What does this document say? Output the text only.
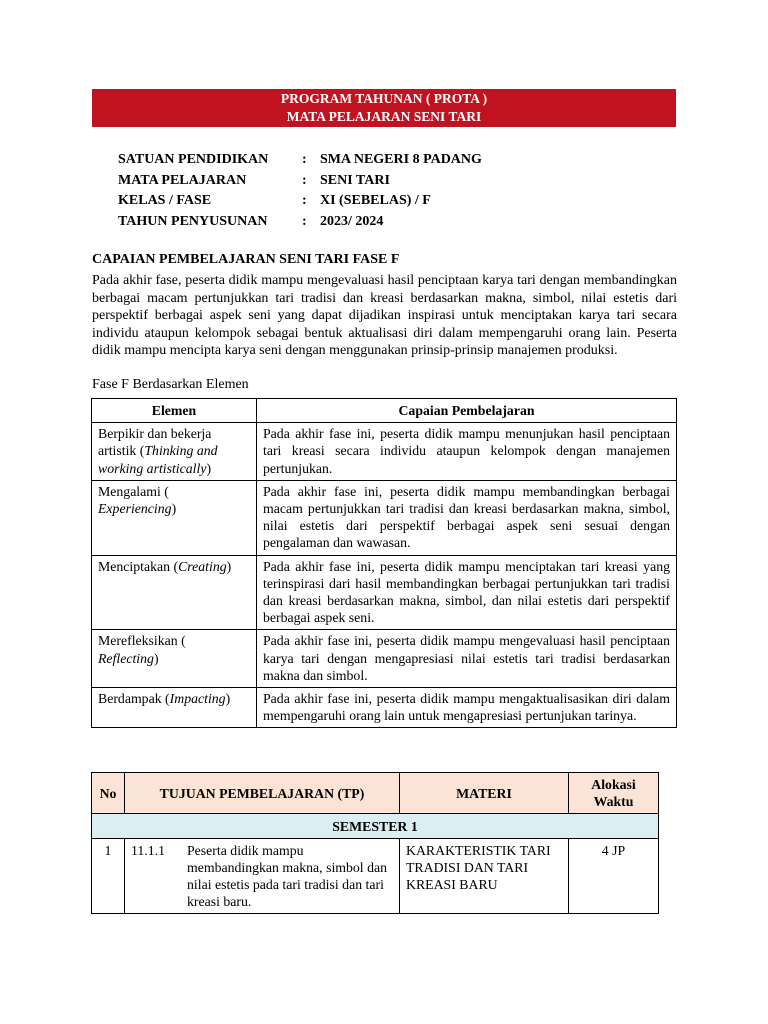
PROGRAM TAHUNAN ( PROTA )
MATA PELAJARAN SENI TARI
SATUAN PENDIDIKAN : SMA NEGERI 8 PADANG
MATA PELAJARAN	: SENI TARI
KELAS / FASE	: XI (SEBELAS) / F
TAHUN PENYUSUNAN : 2023/ 2024
CAPAIAN PEMBELAJARAN SENI TARI FASE F

Pada akhir fase, peserta didik mampu mengevaluasi hasil penciptaan karya tari dengan membandingkan berbagai macam pertunjukkan tari tradisi dan kreasi berdasarkan makna, simbol, nilai estetis dari perspektif berbagai aspek seni yang dapat dijadikan inspirasi untuk menciptakan karya tari secara individu ataupun kelompok sebagai bentuk aktualisasi diri dalam mempengaruhi orang lain. Peserta didik mampu mencipta karya seni dengan menggunakan prinsip-prinsip manajemen produksi.

Fase F Berdasarkan Elemen
Elemen	Capaian Pembelajaran
Berpikir dan bekerja artistik (Thinking and working artistically)	Pada akhir fase ini, peserta didik mampu menunjukan hasil penciptaan tari kreasi secara individu ataupun kelompok dengan manajemen pertunjukan.
Mengalami (
Experiencing)	Pada akhir fase ini, peserta didik mampu membandingkan berbagai macam pertunjukkan tari tradisi dan kreasi berdasarkan makna, simbol, nilai estetis dari perspektif berbagai aspek seni sesuai dengan pengalaman dan wawasan.
Menciptakan (Creating)	Pada akhir fase ini, peserta didik mampu menciptakan tari kreasi yang terinspirasi dari hasil membandingkan berbagai pertunjukkan tari tradisi dan kreasi berdasarkan makna, simbol, dan nilai estetis dari perspektif berbagai aspek seni.
Merefleksikan (
Reflecting)	Pada akhir fase ini, peserta didik mampu mengevaluasi hasil penciptaan karya tari dengan mengapresiasi nilai estetis tari tradisi berdasarkan makna dan simbol.
Berdampak (Impacting)	Pada akhir fase ini, peserta didik mampu mengaktualisasikan diri dalam mempengaruhi orang lain untuk mengapresiasi pertunjukan tarinya.
No	TUJUAN PEMBELAJARAN (TP)	MATERI	Alokasi Waktu
SEMESTER 1			
1	11.1.1 Peserta didik mampu membandingkan makna, simbol dan nilai estetis pada tari tradisi dan tari kreasi baru.	KARAKTERISTIK TARI TRADISI DAN TARI KREASI BARU	4 JP
